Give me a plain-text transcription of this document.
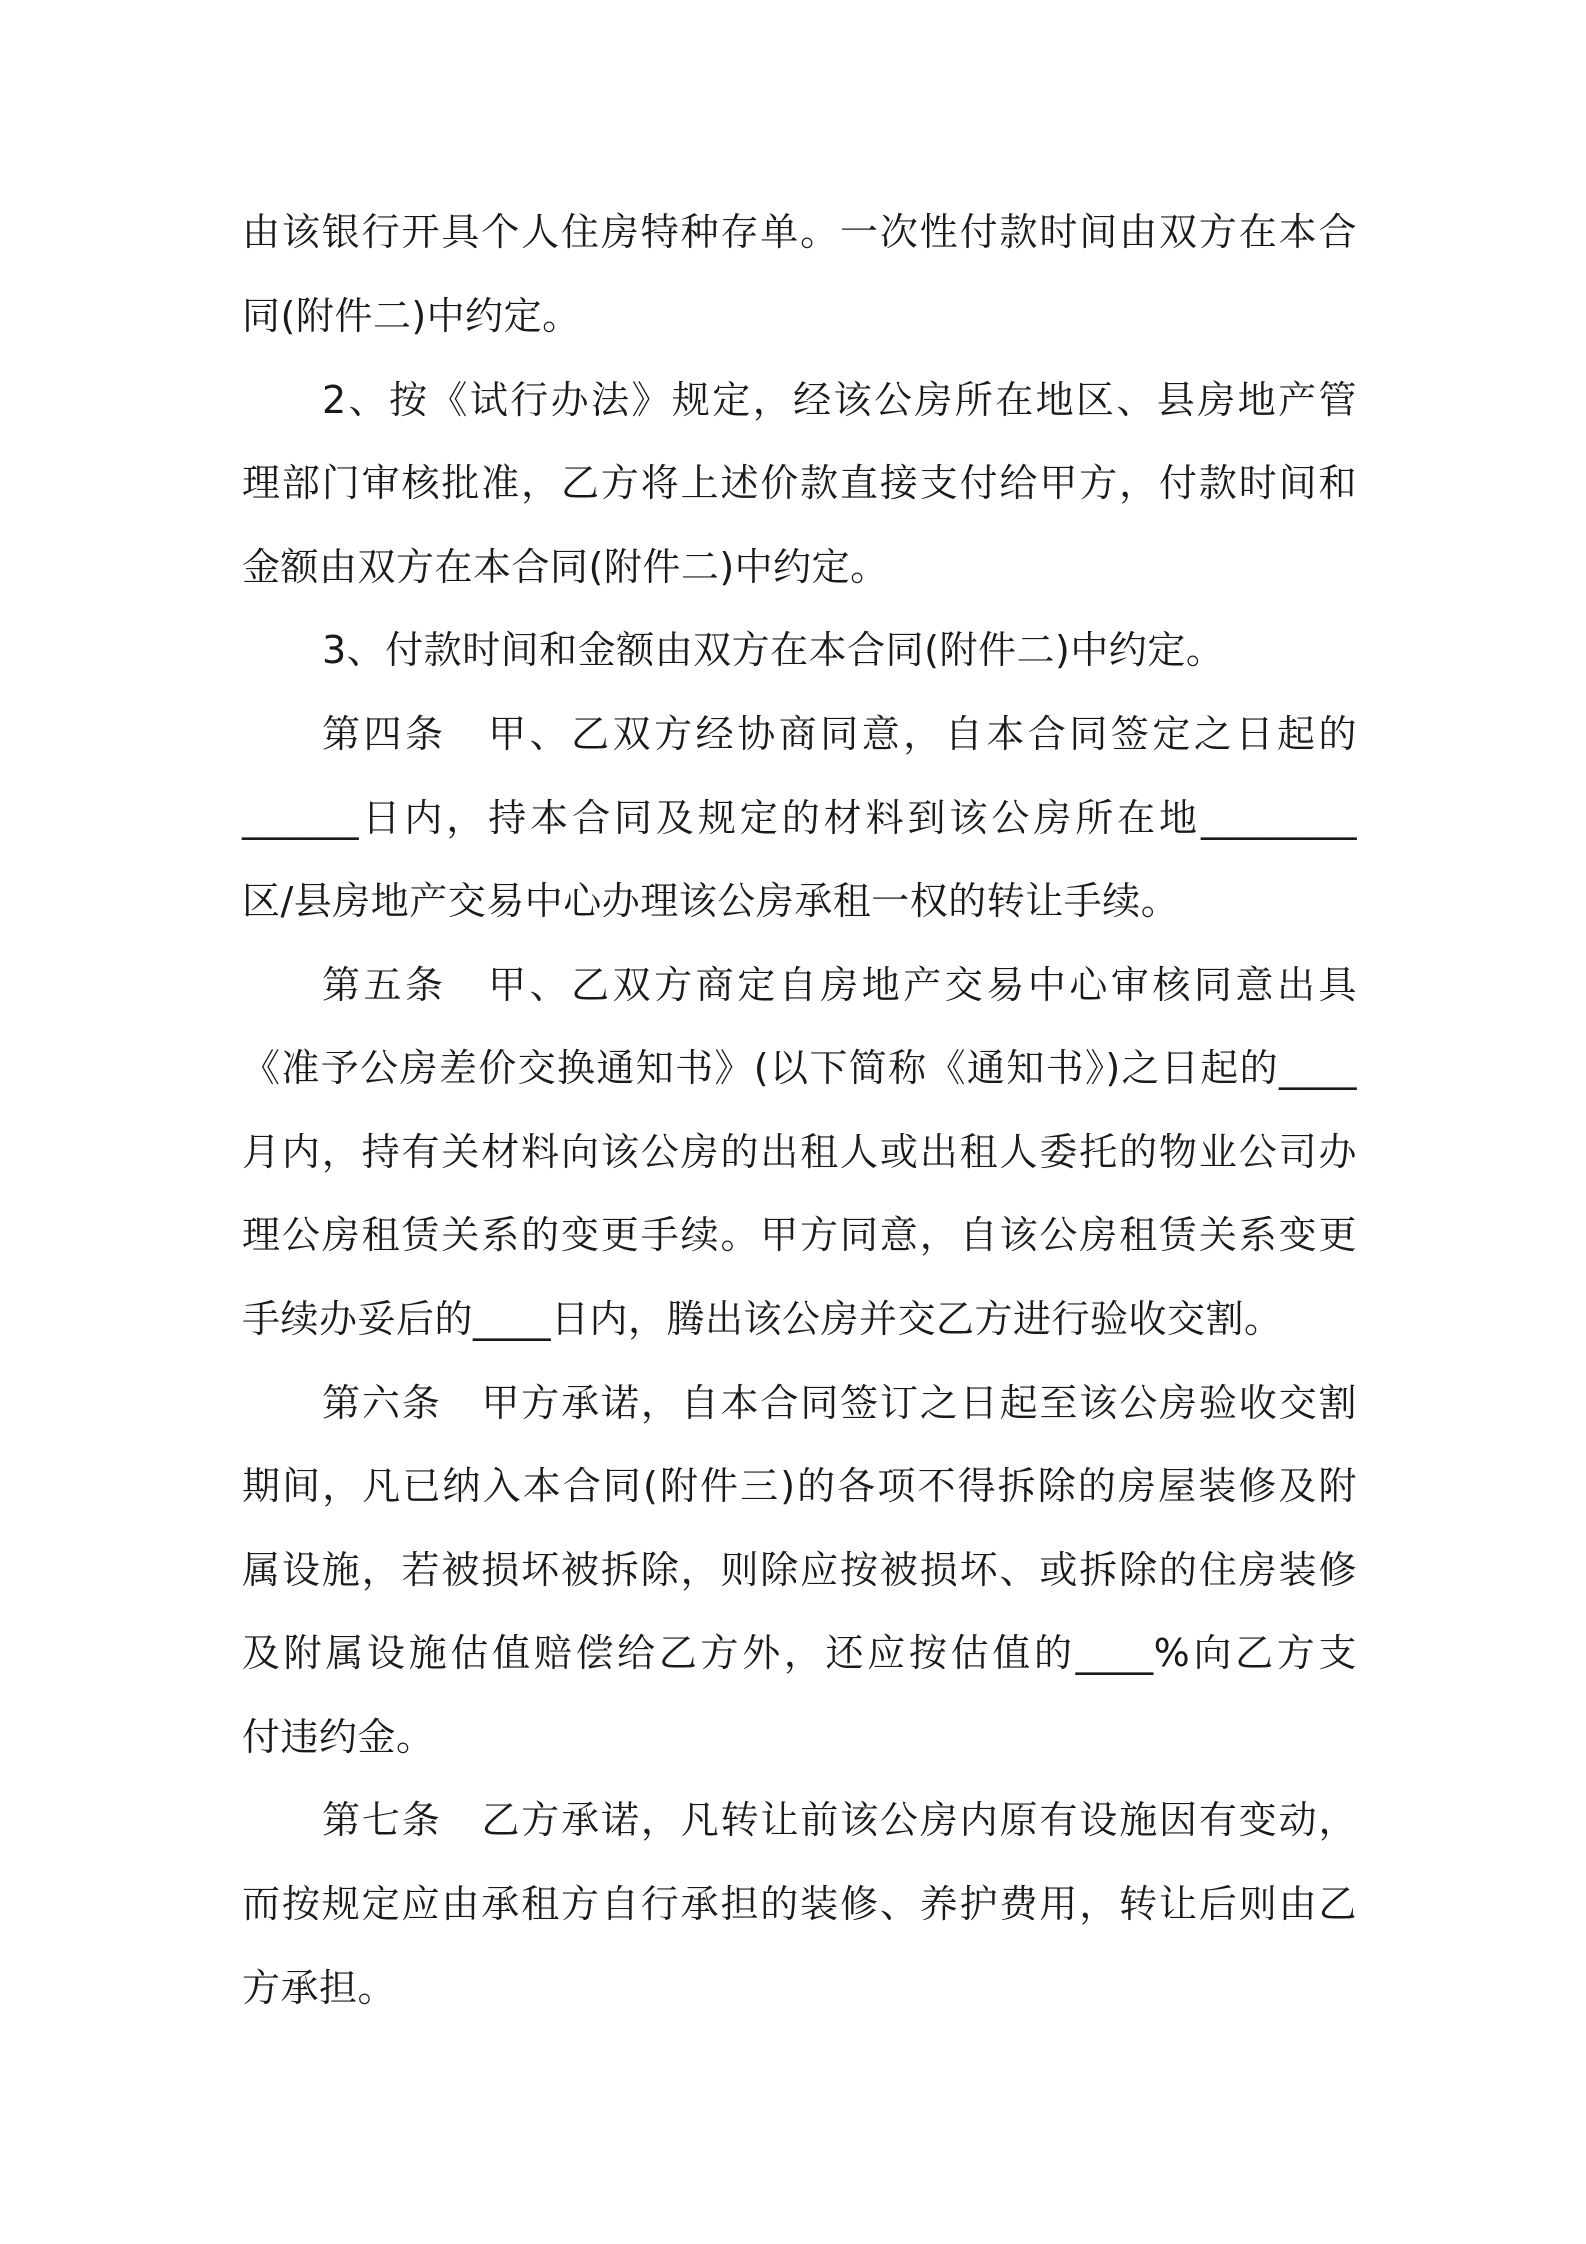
由该银行开具个人住房特种存单。一次性付款时间由双方在本合
同(附件二)中约定。
2、按《试行办法》规定，经该公房所在地区、县房地产管
理部门审核批准，乙方将上述价款直接支付给甲方，付款时间和
金额由双方在本合同(附件二)中约定。
3、付款时间和金额由双方在本合同(附件二)中约定。
第四条　甲、乙双方经协商同意，自本合同签定之日起的
______日内，持本合同及规定的材料到该公房所在地________
区/县房地产交易中心办理该公房承租一权的转让手续。
第五条　甲、乙双方商定自房地产交易中心审核同意出具
《准予公房差价交换通知书》(以下简称《通知书》)之日起的____
月内，持有关材料向该公房的出租人或出租人委托的物业公司办
理公房租赁关系的变更手续。甲方同意，自该公房租赁关系变更
手续办妥后的____日内，腾出该公房并交乙方进行验收交割。
第六条　甲方承诺，自本合同签订之日起至该公房验收交割
期间，凡已纳入本合同(附件三)的各项不得拆除的房屋装修及附
属设施，若被损坏被拆除，则除应按被损坏、或拆除的住房装修
及附属设施估值赔偿给乙方外，还应按估值的____%向乙方支
付违约金。
第七条　乙方承诺，凡转让前该公房内原有设施因有变动，
而按规定应由承租方自行承担的装修、养护费用，转让后则由乙
方承担。
